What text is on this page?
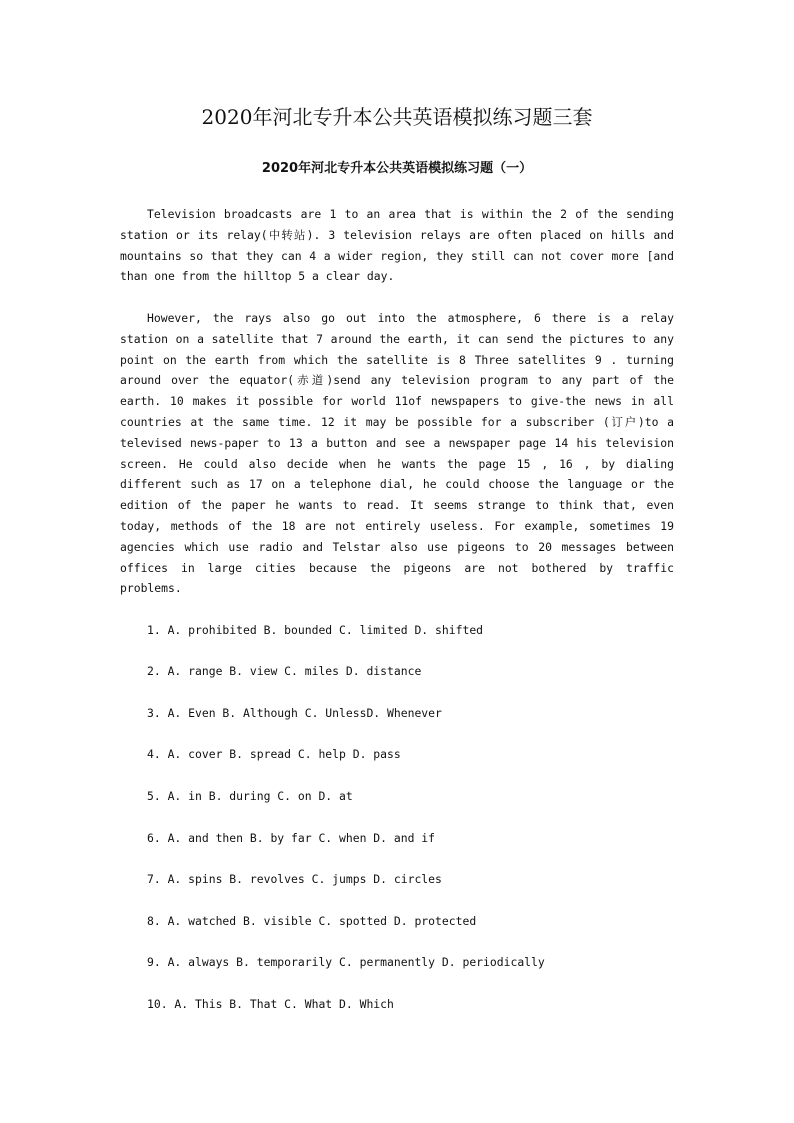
2020年河北专升本公共英语模拟练习题三套
2020年河北专升本公共英语模拟练习题（一）

Television broadcasts are 1 to an area that is within the 2 of the sending station or its relay(中转站). 3 television relays are often placed on hills and mountains so that they can 4 a wider region, they still can not cover more [and than one from the hilltop 5 a clear day.

However, the rays also go out into the atmosphere, 6 there is a relay station on a satellite that 7 around the earth, it can send the pictures to any point on the earth from which the satellite is 8 Three satellites 9 . turning around over the equator(赤道)send any television program to any part of the earth. 10 makes it possible for world 11of newspapers to give-the news in all countries at the same time. 12 it may be possible for a subscriber (订户)to a televised news-paper to 13 a button and see a newspaper page 14 his television screen. He could also decide when he wants the page 15 , 16 , by dialing different such as 17 on a telephone dial, he could choose the language or the edition of the paper he wants to read. It seems strange to think that, even today, methods of the 18 are not entirely useless. For example, sometimes 19 agencies which use radio and Telstar also use pigeons to 20 messages between offices in large cities because the pigeons are not bothered by traffic problems.

1. A. prohibited B. bounded C. limited D. shifted

2. A. range B. view C. miles D. distance

3. A. Even B. Although C. UnlessD. Whenever

4. A. cover B. spread C. help D. pass

5. A. in B. during C. on D. at

6. A. and then B. by far C. when D. and if

7. A. spins B. revolves C. jumps D. circles

8. A. watched B. visible C. spotted D. protected

9. A. always B. temporarily C. permanently D. periodically

10. A. This B. That C. What D. Which
